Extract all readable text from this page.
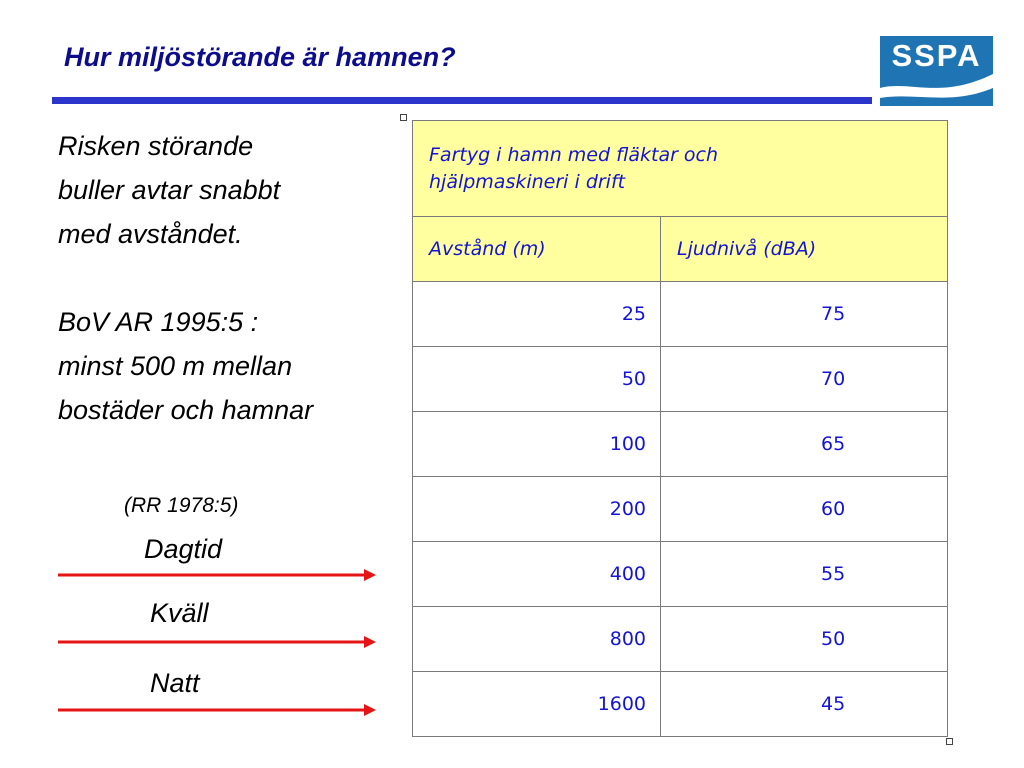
Hur miljöstörande är hamnen?	SSPA

Risken störande

buller avtar snabbt

med avståndet.

BoV AR 1995:5 :

minst 500 m mellan

bostäder och hamnar

(RR 1978:5)
Dagtid
Kväll
Natt
Fartyg i hamn med fläktar och
hjälpmaskineri i drift	
Avstånd (m)	Ljudnivå (dBA)
25	75
50	70
100	65
200	60
400	55
800	50
1600	45
